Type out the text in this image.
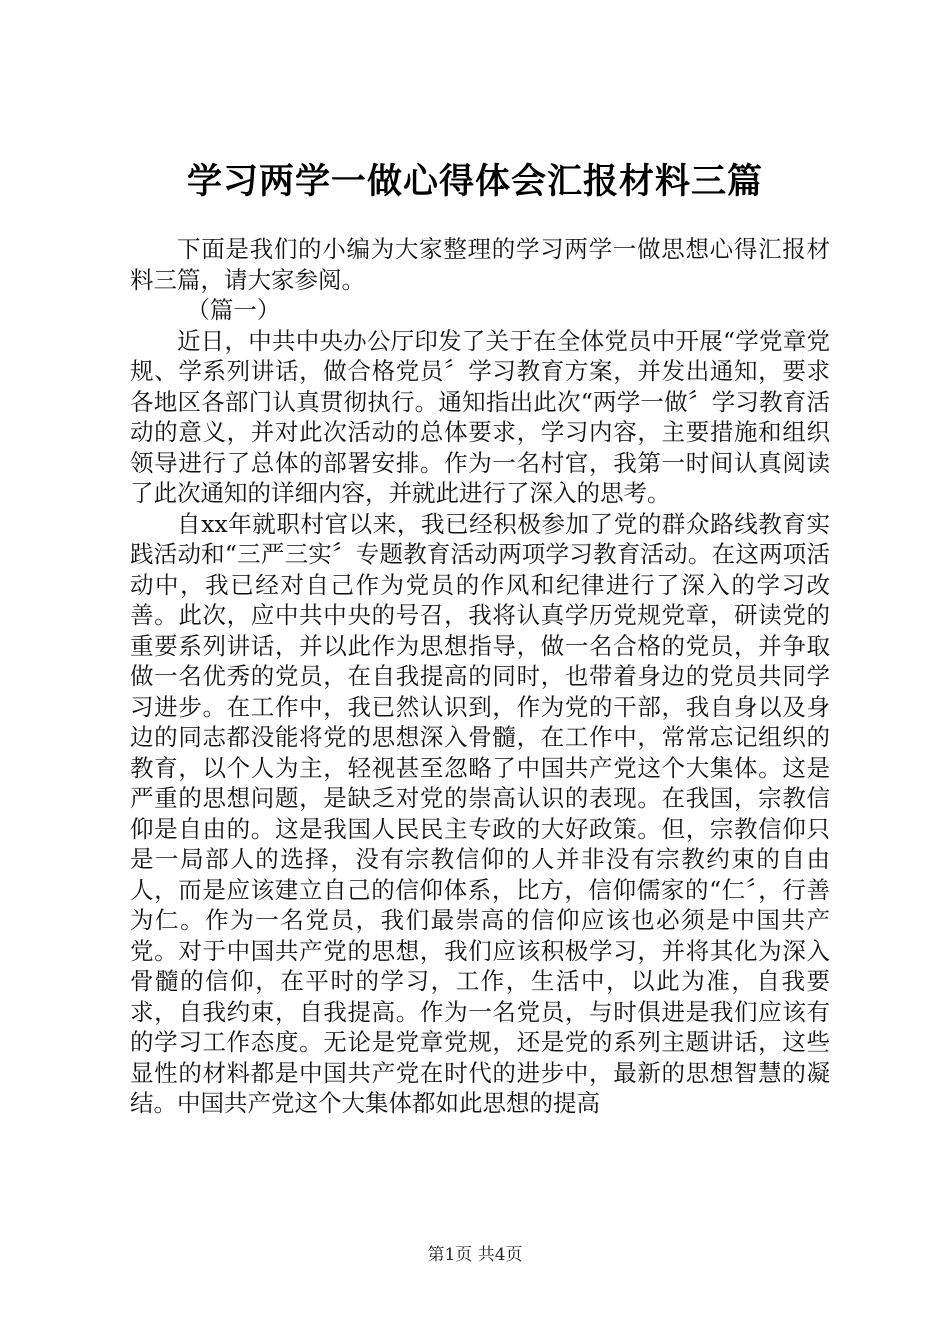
学习两学一做心得体会汇报材料三篇

下面是我们的小编为大家整理的学习两学一做思想心得汇报材料三篇，请大家参阅。

（篇一）

近日，中共中央办公厅印发了关于在全体党员中开展“学党章党规、学系列讲话，做合格党员〞学习教育方案，并发出通知，要求各地区各部门认真贯彻执行。通知指出此次“两学一做〞学习教育活动的意义，并对此次活动的总体要求，学习内容，主要措施和组织领导进行了总体的部署安排。作为一名村官，我第一时间认真阅读了此次通知的详细内容，并就此进行了深入的思考。

自xx年就职村官以来，我已经积极参加了党的群众路线教育实践活动和“三严三实〞专题教育活动两项学习教育活动。在这两项活动中，我已经对自己作为党员的作风和纪律进行了深入的学习改善。此次，应中共中央的号召，我将认真学历党规党章，研读党的重要系列讲话，并以此作为思想指导，做一名合格的党员，并争取做一名优秀的党员，在自我提高的同时，也带着身边的党员共同学习进步。在工作中，我已然认识到，作为党的干部，我自身以及身边的同志都没能将党的思想深入骨髓，在工作中，常常忘记组织的教育，以个人为主，轻视甚至忽略了中国共产党这个大集体。这是严重的思想问题，是缺乏对党的崇高认识的表现。在我国，宗教信仰是自由的。这是我国人民民主专政的大好政策。但，宗教信仰只是一局部人的选择，没有宗教信仰的人并非没有宗教约束的自由人，而是应该建立自己的信仰体系，比方，信仰儒家的“仁〞，行善为仁。作为一名党员，我们最崇高的信仰应该也必须是中国共产党。对于中国共产党的思想，我们应该积极学习，并将其化为深入骨髓的信仰，在平时的学习，工作，生活中，以此为准，自我要求，自我约束，自我提高。作为一名党员，与时俱进是我们应该有的学习工作态度。无论是党章党规，还是党的系列主题讲话，这些显性的材料都是中国共产党在时代的进步中，最新的思想智慧的凝结。中国共产党这个大集体都如此思想的提高

第1页 共4页
